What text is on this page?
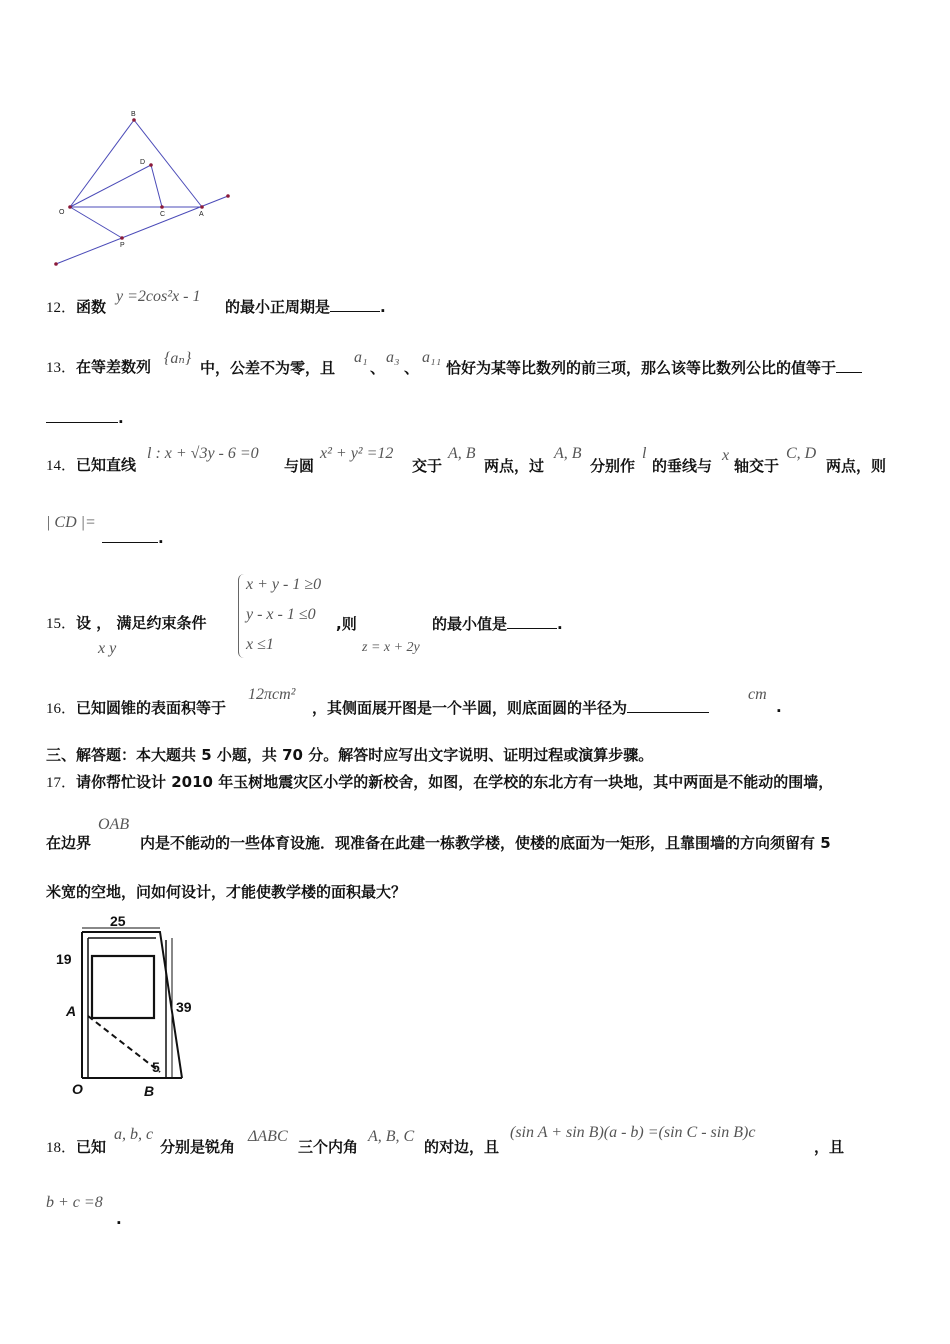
B
D
O	C	A
P
12．函数
y =2cos²x - 1
的最小正周期是	.
13．在等差数列 {aₙ}
中，公差不为零，且
a₁
、
a₃
、
a₁₁
恰好为某等比数列的前三项，那么该等比数列公比的值等于
.
14．已知直线
l : x + √3y - 6 =0
与圆
x² + y² =12
交于
A, B
两点，过
A, B
分别作
l
的垂线与
x
轴交于
C, D
两点，则
| CD |=
.
15．设 ， 满足约束条件
x y
x + y - 1 ≥0
y - x - 1 ≤0
x ≤1
,则
z = x + 2y
的最小值是	.
16．已知圆锥的表面积等于
12πcm²
，其侧面展开图是一个半圆，则底面圆的半径为
cm
.
三、解答题：本大题共 5 小题，共 70 分。解答时应写出文字说明、证明过程或演算步骤。
17．请你帮忙设计 2010 年玉树地震灾区小学的新校舍，如图，在学校的东北方有一块地，其中两面是不能动的围墙，
在边界
OAB
内是不能动的一些体育设施．现准备在此建一栋教学楼，使楼的底面为一矩形，且靠围墙的方向须留有 5
米宽的空地，问如何设计，才能使教学楼的面积最大？
25
19
39
A
5
O	B
18．已知
a, b, c
分别是锐角
ΔABC
三个内角
A, B, C
的对边，且
(sin A + sin B)(a - b) =(sin C - sin B)c
，且
b + c =8
.
